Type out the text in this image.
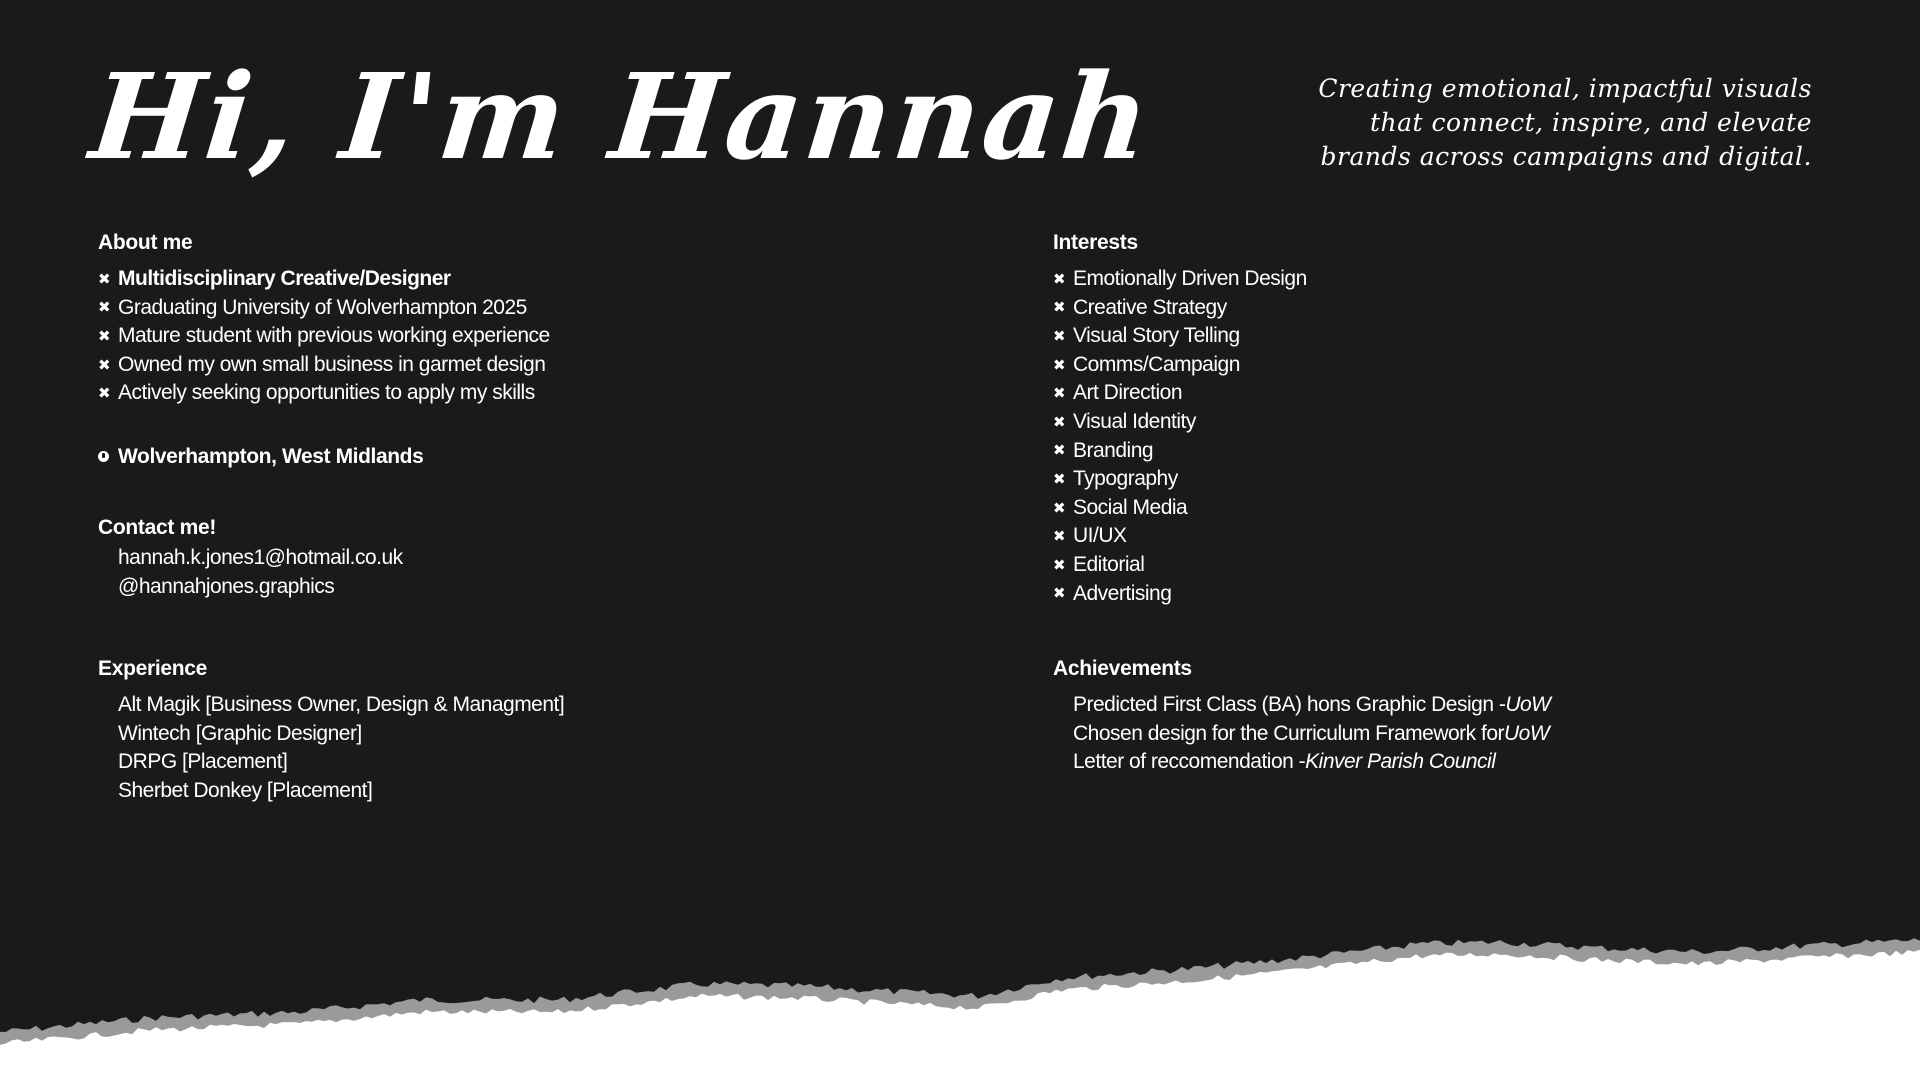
Hi, I'm Hannah	Creating emotional, impactful visuals
that connect, inspire, and elevate
brands across campaigns and digital.
About me
✖ Multidisciplinary Creative/Designer
✖ Graduating University of Wolverhampton 2025
✖ Mature student with previous working experience
✖ Owned my own small business in garmet design
✖ Actively seeking opportunities to apply my skills
Wolverhampton, West Midlands
Contact me!
hannah.k.jones1@hotmail.co.uk
@hannahjones.graphics
Experience
Alt Magik [Business Owner, Design & Managment]
Wintech [Graphic Designer]
DRPG [Placement]
Sherbet Donkey [Placement]
Interests
✖ Emotionally Driven Design
✖ Creative Strategy
✖ Visual Story Telling
✖ Comms/Campaign
✖ Art Direction
✖ Visual Identity
✖ Branding
✖ Typography
✖ Social Media
✖ UI/UX
✖ Editorial
✖ Advertising
Achievements
Predicted First Class (BA) hons Graphic Design - UoW
Chosen design for the Curriculum Framework for UoW
Letter of reccomendation - Kinver Parish Council
